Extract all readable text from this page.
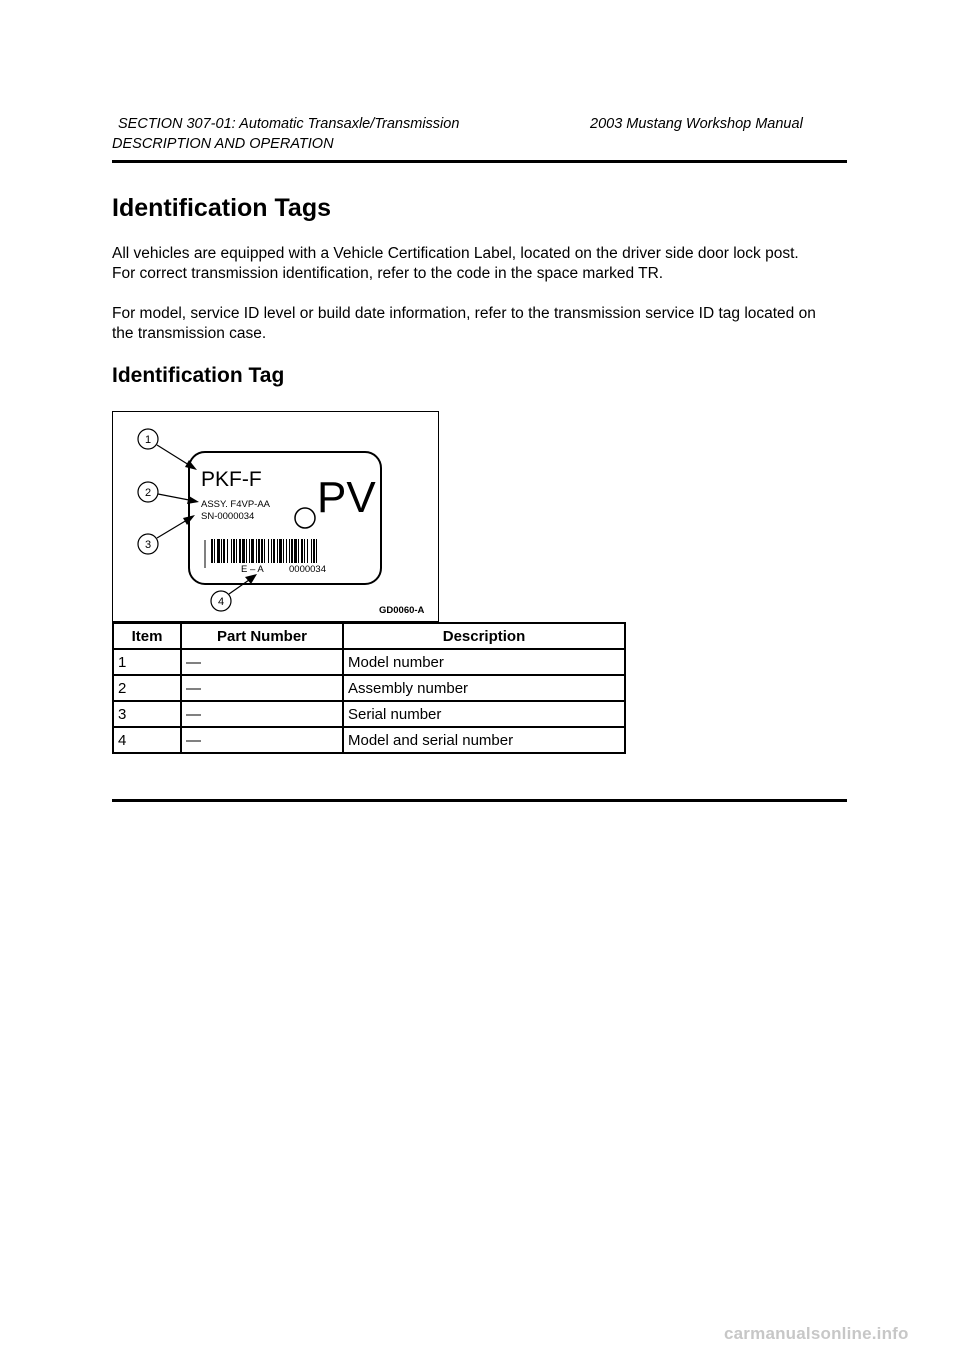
SECTION 307-01: Automatic Transaxle/Transmission	2003 Mustang Workshop Manual
DESCRIPTION AND OPERATION
Identification Tags

All vehicles are equipped with a Vehicle Certification Label, located on the driver side door lock post.
For correct transmission identification, refer to the code in the space marked TR.

For model, service ID level or build date information, refer to the transmission service ID tag located on
the transmission case.

Identification Tag
PKF-F
ASSY. F4VP-AA
SN-0000034 PV
E – A	0000034
1
2
3
4
GD0060-A
Item	Part Number	Description
1	—	Model number
2	—	Assembly number
3	—	Serial number
4	—	Model and serial number
carmanualsonline.info
